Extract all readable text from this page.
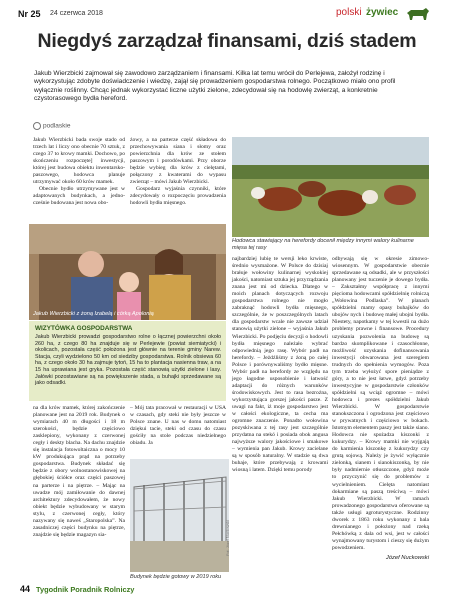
Nr 25 24 czerwca 2018	polski żywiec
Niegdyś zarządzał finansami, dziś stadem
Jakub Wierzbicki zajmował się zawodowo zarządzaniem i finansami. Kilka lat temu wrócił do Perlejewa, założył rodzinę i wykorzystując zdobyte doświadczenie i wiedzę, zajął się prowadzeniem gospodarstwa rolnego. Początkowo miało ono profil wyłącznie roślinny. Chcąc jednak wykorzystać liczne użytki zielone, zdecydował się na hodowlę zwierząt, a konkretnie czystorasowego bydła hereford.
podlaskie
Jakub Wierzbicki bada swoje stado od trzech lat i liczy ono obecnie 70 sztuk, z czego 37 to krowy mamki. Dochowo, po skończeniu rozpoczęte] inwestycji, której jest budowa obiektu inwentarsko-paszowego, hodowca planuje utrzymywać około 60 krów mamek.

Obecnie bydło utrzymywane jest w adaptowanych budynkach, a jednocześnie budowana jest nowa obo-
żowy, a na parterze część składowa do przechowywania siana i słomy oraz powierzchnia dla krów ze stołem paszowym i porodówkami. Przy oborze będzie wybieg dla krów z cielętami, połączony z kwaterami do wypasu zwierząt – mówi Jakub Wierzbicki.

Gospodarz wyjaśnia czynniki, które zdecydowały o rozpoczęciu prowadzenia hodowli bydła mięsnego.
Jakub Wierzbicki z żoną Izabelą i córką Apolonią
Hodowca stawiający na herefordy docenił między innymi walory kulinarne mięsa tej rasy
najbardziej lubię te wersji leko krwiste, średnio wysmażone. W Polsce do dzisiaj brałuje wołowiny kulinarnej wyskokiej jakości, natomiast sztuka jej przyrządzania znana jest mi od dziecka. Dlatego w moich planach dotyczących rozwoju gospodarstwa rolnego nie mogło zabraknąć hodowli bydła mięsnego, szczególnie, że w poszczególnych latach dla gospodarstw wcale nie zawsze udział stanowią użytki zielone – wyjaśnia Jakub Wierzbicki. Po podjęciu decyzji o hodowli bydła mięsnego należało wybrać odpowiednią jego rasę. Wybór padł na herefordy. – Jeżdżliśmy z żoną po całej Polsce i porównywaliśmy bydło mięsne. Wybór padł na herefordy ze względu na jego łagodne usposobienie i łatwość adaptacji do różnych warunków środowiskowych. Jest to rasa bezrożna, wykorzystująca gorszej jakości pasze. Z uwagi na fakt, iż moje gospodarstwo jest w całości ekologiczne, ta cecha ma ogromne znaczenie. Ponadto wołowina pozyskiwana z tej rasy jest szczególnie przydatna na stekó i posiada obok angusa najwyższe walory jakościowe i smakowe – wymienia pan Jakub. Krowy zacielane są w sposób naturalny. W stadzie są dwa buhaje, które przebywają z krowami wiosną i latem. Dzięki temu porody
odbywają się w okresie zimowo-wiosennym. W gospodarstwie obecnie sprzedawane są odsadki, ale w przyszłości planowany jest tuczenie je dowego bydła. – Zakształmy współpracę z innymi pięcioma hodowcami spółdzielnię rolniczą „Wołowina Podlaska”. W planach spółdzielni mamy opasy buhajków do ubojów nych i budowę małej ubojni bydła. Niestety, napotkamy w tej kwestii na dużo problemy prawne i finansowe. Procedury uzyskania pozwolenia na budowę są bardzo skomplikowane i czasochłonne, możliwość uzyskania dofinansowania inwestycji obwarowana jest szeregiem trudnych do spełnienia wymogów. Poza tym trzeba wyłożyć spore pieniądze z góry, a to nie jest łatwe, gdyż potrzeby inwestycyjne w gospodarstwie członków spółdzielni są wciąż ogromne – mówi hodowca i prezes spółdzielni Jakub Wierzbicki. W gospodarstwie stanokszczona i ogrodzona jest częściowo w prywatnych i częściowo w bokach. Istotnym elementem paszy jest także siano. Hodowca nie spożadza kiszonki z kukurydzy. – Krowy mamki nie wyjgają do karmienia kiszonkę z kukurydzy czy grutą sojową. Należy je żywić wyłącznie zielonką, sianem i sianokiszonką, by nie były nadmiernie otłuszczone, gdyż może to przyczynić się do problemów z wycielnieniem. Cielęta natomiast dokarmiane są paszą treściwą – mówi Jakub Wierzbicki. W ramach prowadzonego gospodarstwa oferowane są także usługi agroturystyczne. Rodzinny dworek z 1863 roku wykonany z bala drewnianego i położony nad rzeką Pełchówką z dala od wsi, jest w całości wynajmowany turystom i cieszy się dużym powodzeniem.
Józef Nuckowski
WIZYTÓWKA GOSPODARSTWA
Jakub Wierzbicki prowadzi gospodarstwo rolne o łącznej powierzchni około 260 ha, z czego 80 ha znajduje się w Perlejewie (powiat siemiatycki) i okolicach, pozostała część położona jest głównie na terenie gminy Narew. Stacja, czyli wydzielono 50 km od siedziby gospodarstwa. Rolnik obsiewa 60 ha, z czego około 30 ha zajmuje tytoń, 15 ha to plantacja nasienna traw, a na 15 ha uprawiana jest gryka. Pozostała część stanowią użytki zielone i lasy. Jałówki pozostawiane są na powiększenie stada, a buhajki sprzedawane są jako odsadki.
na dla krów mamek, której zakończenie planowane jest na 2019 rok. Budynek o wymiarach 40 m długości i 18 m szerokości, będzie częściowo zasklepiony, wykonany z czerwonej cegły i deskty blacha. Na dachu znajdzie się instalacja fotowoltaiczna o mocy 10 kW produkująca prąd na potrzeby gospodarstwa. Budynek składać się będzie z obory wolnostanowiskowej na głębokiej ściółce oraz części paszowej na parterze i na piętrze. – Mając na uwadze mój zamiłowanie do dawnej architektury zdecydowałem, że nowy obiekt będzie wybudowany w starym stylu, z czerwonej cegły, który nazywany się naweś „Staropolska”. Na zasadniczej części budynku na piętrze, znajdzie się będzie magazyn sia-
– Mój tata pracował w restauracji w USA w czasach, gdy steki nie były jeszcze w Polsce znane. U nas w domu natomiast dziękui tacie, steki od czasu do czasu gościły na stole podczas niedzielnego obiadu. Ja
Budynek będzie gotowy w 2019 roku
Fot. Józef Nuckowski
44 Tygodnik Poradnik Rolniczy
